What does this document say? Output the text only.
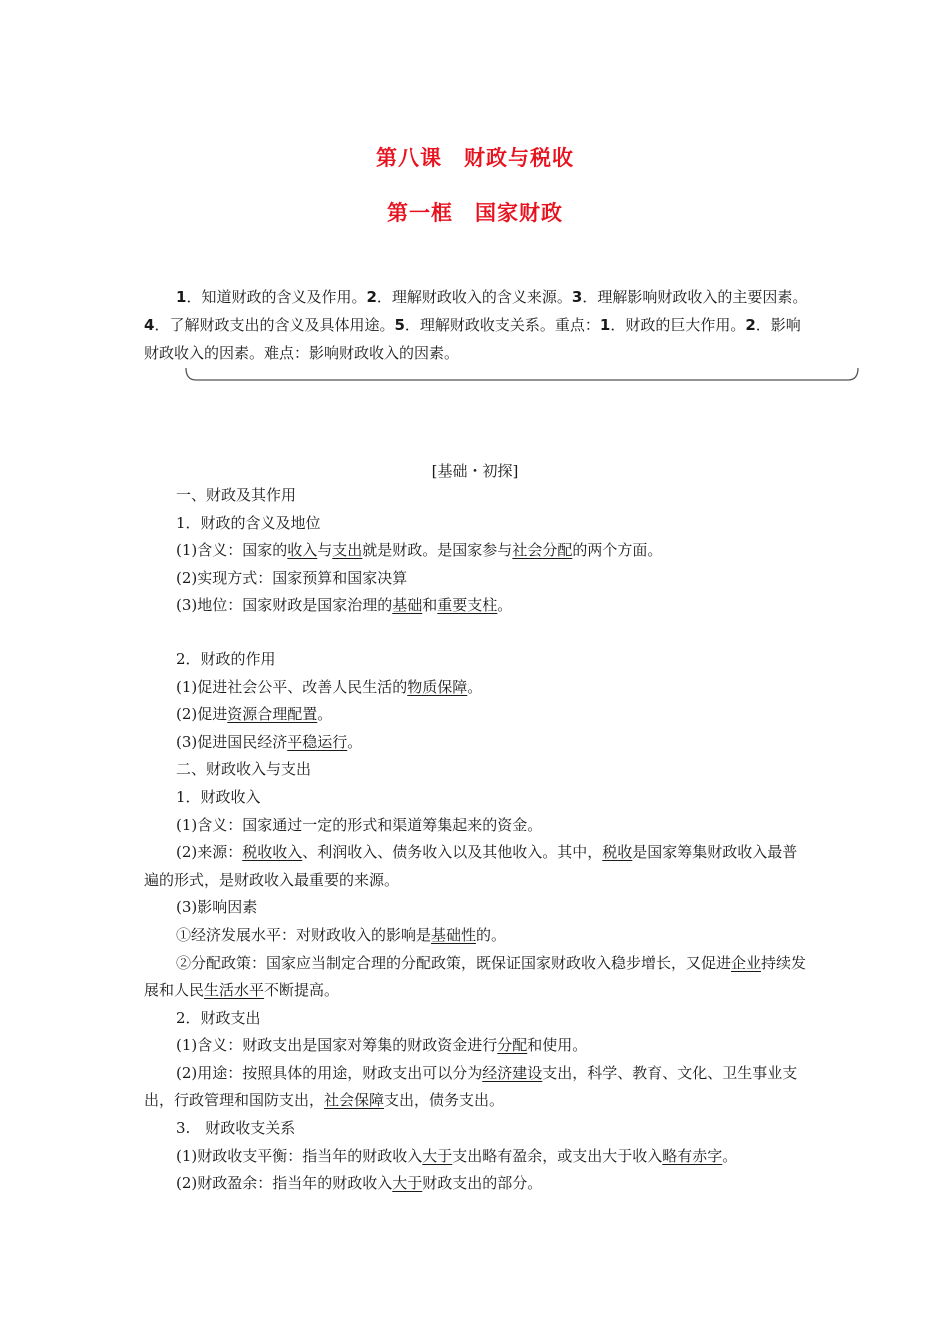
第八课　财政与税收
第一框　国家财政

1．知道财政的含义及作用。2．理解财政收入的含义来源。3．理解影响财政收入的主要因素。4．了解财政支出的含义及具体用途。5．理解财政收支关系。重点：1．财政的巨大作用。2．影响财政收入的因素。难点：影响财政收入的因素。

[基础・初探]
一、财政及其作用
1．财政的含义及地位
(1)含义：国家的收入与支出就是财政。是国家参与社会分配的两个方面。
(2)实现方式：国家预算和国家决算
(3)地位：国家财政是国家治理的基础和重要支柱。
2．财政的作用
(1)促进社会公平、改善人民生活的物质保障。
(2)促进资源合理配置。
(3)促进国民经济平稳运行。
二、财政收入与支出
1．财政收入
(1)含义：国家通过一定的形式和渠道筹集起来的资金。
(2)来源：税收收入、利润收入、债务收入以及其他收入。其中，税收是国家筹集财政收入最普遍的形式，是财政收入最重要的来源。
(3)影响因素
①经济发展水平：对财政收入的影响是基础性的。
②分配政策：国家应当制定合理的分配政策，既保证国家财政收入稳步增长，又促进企业持续发展和人民生活水平不断提高。
2．财政支出
(1)含义：财政支出是国家对筹集的财政资金进行分配和使用。
(2)用途：按照具体的用途，财政支出可以分为经济建设支出，科学、教育、文化、卫生事业支出，行政管理和国防支出，社会保障支出，债务支出。
3.　财政收支关系
(1)财政收支平衡：指当年的财政收入大于支出略有盈余，或支出大于收入略有赤字。
(2)财政盈余：指当年的财政收入大于财政支出的部分。
